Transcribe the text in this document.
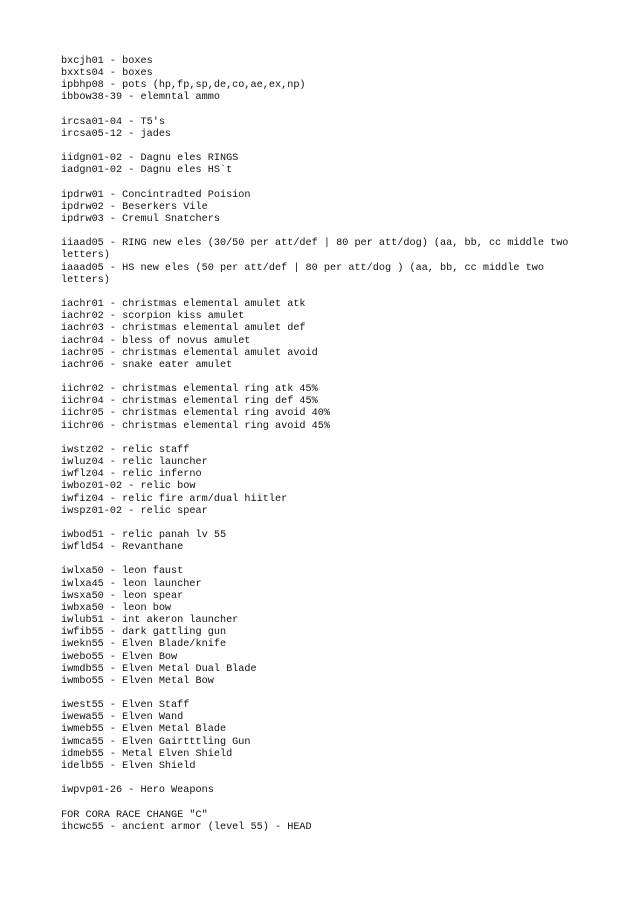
bxcjh01 - boxes
bxxts04 - boxes
ipbhp08 - pots (hp,fp,sp,de,co,ae,ex,np)
ibbow38-39 - elemntal ammo
ircsa01-04 - T5's
ircsa05-12 - jades
iidgn01-02 - Dagnu eles RINGS
iadgn01-02 - Dagnu eles HS`t
ipdrw01 - Concintradted Poision
ipdrw02 - Beserkers Vile
ipdrw03 - Cremul Snatchers
iiaad05 - RING new eles (30/50 per att/def | 80 per att/dog) (aa, bb, cc middle two letters)
iaaad05 - HS new eles (50 per att/def | 80 per att/dog ) (aa, bb, cc middle two letters)
iachr01 - christmas elemental amulet atk
iachr02 - scorpion kiss amulet
iachr03 - christmas elemental amulet def
iachr04 - bless of novus amulet
iachr05 - christmas elemental amulet avoid
iachr06 - snake eater amulet
iichr02 - christmas elemental ring atk 45%
iichr04 - christmas elemental ring def 45%
iichr05 - christmas elemental ring avoid 40%
iichr06 - christmas elemental ring avoid 45%
iwstz02 - relic staff
iwluz04 - relic launcher
iwflz04 - relic inferno
iwboz01-02 - relic bow
iwfiz04 - relic fire arm/dual hiitler
iwspz01-02 - relic spear
iwbod51 - relic panah lv 55
iwfld54 - Revanthane
iwlxa50 - leon faust
iwlxa45 - leon launcher
iwsxa50 - leon spear
iwbxa50 - leon bow
iwlub51 - int akeron launcher
iwfib55 - dark gattling gun
iwekn55 - Elven Blade/knife
iwebo55 - Elven Bow
iwmdb55 - Elven Metal Dual Blade
iwmbo55 - Elven Metal Bow
iwest55 - Elven Staff
iwewa55 - Elven Wand
iwmeb55 - Elven Metal Blade
iwmca55 - Elven Gairtttling Gun
idmeb55 - Metal Elven Shield
idelb55 - Elven Shield
iwpvp01-26 - Hero Weapons
FOR CORA RACE CHANGE "C"
ihcwc55 - ancient armor (level 55) - HEAD
